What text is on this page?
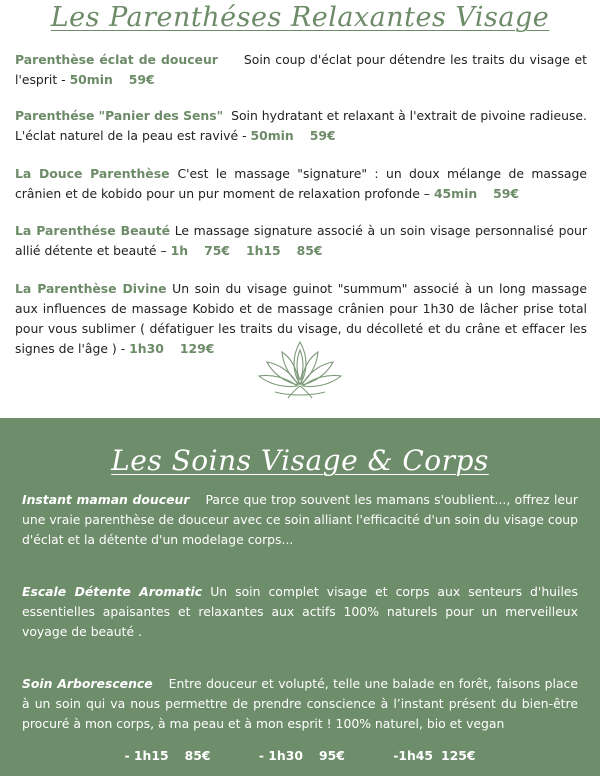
Les Parenthéses Relaxantes Visage
Parenthèse éclat de douceur Soin coup d'éclat pour détendre les traits du visage et l'esprit - 50min 59€
Parenthése "Panier des Sens" Soin hydratant et relaxant à l'extrait de pivoine radieuse. L'éclat naturel de la peau est ravivé - 50min 59€
La Douce Parenthèse C'est le massage "signature" : un doux mélange de massage crânien et de kobido pour un pur moment de relaxation profonde – 45min 59€
La Parenthése Beauté Le massage signature associé à un soin visage personnalisé pour allié détente et beauté – 1h 75€ 1h15 85€
La Parenthèse Divine Un soin du visage guinot "summum" associé à un long massage aux influences de massage Kobido et de massage crânien pour 1h30 de lâcher prise total pour vous sublimer ( défatiguer les traits du visage, du décolleté et du crâne et effacer les signes de l'âge ) - 1h30 129€
Les Soins Visage & Corps
Instant maman douceur Parce que trop souvent les mamans s'oublient..., offrez leur une vraie parenthèse de douceur avec ce soin alliant l'efficacité d'un soin du visage coup d'éclat et la détente d'un modelage corps...
Escale Détente Aromatic Un soin complet visage et corps aux senteurs d'huiles essentielles apaisantes et relaxantes aux actifs 100% naturels pour un merveilleux voyage de beauté .
Soin Arborescence Entre douceur et volupté, telle une balade en forêt, faisons place à un soin qui va nous permettre de prendre conscience à l’instant présent du bien-être procuré à mon corps, à ma peau et à mon esprit ! 100% naturel, bio et vegan
- 1h15 85€	- 1h30 95€	-1h45 125€
